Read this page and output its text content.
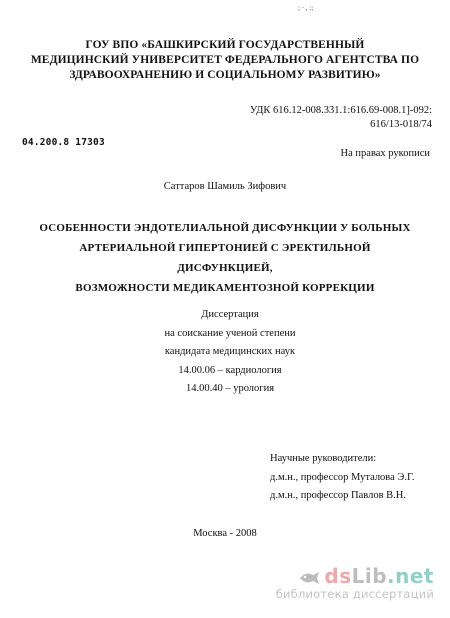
; · , :;
ГОУ ВПО «БАШКИРСКИЙ ГОСУДАРСТВЕННЫЙ
МЕДИЦИНСКИЙ УНИВЕРСИТЕТ ФЕДЕРАЛЬНОГО АГЕНТСТВА ПО
ЗДРАВООХРАНЕНИЮ И СОЦИАЛЬНОМУ РАЗВИТИЮ»
УДК 616.12-008.331.1:616.69-008.1]-092:
616/13-018/74
04.200.8 17303
На правах рукописи
Саттаров Шамиль Зифович
ОСОБЕННОСТИ ЭНДОТЕЛИАЛЬНОЙ ДИСФУНКЦИИ У БОЛЬНЫХ
АРТЕРИАЛЬНОЙ ГИПЕРТОНИЕЙ С ЭРЕКТИЛЬНОЙ
ДИСФУНКЦИЕЙ,
ВОЗМОЖНОСТИ МЕДИКАМЕНТОЗНОЙ КОРРЕКЦИИ
Диссертация
на соискание ученой степени
кандидата медицинских наук
14.00.06 – кардиология
14.00.40 – урология
Научные руководители:
д.м.н., профессор Муталова Э.Г.
д.м.н., профессор Павлов В.Н.
Москва - 2008
dsLib.net
библиотека диссертаций
